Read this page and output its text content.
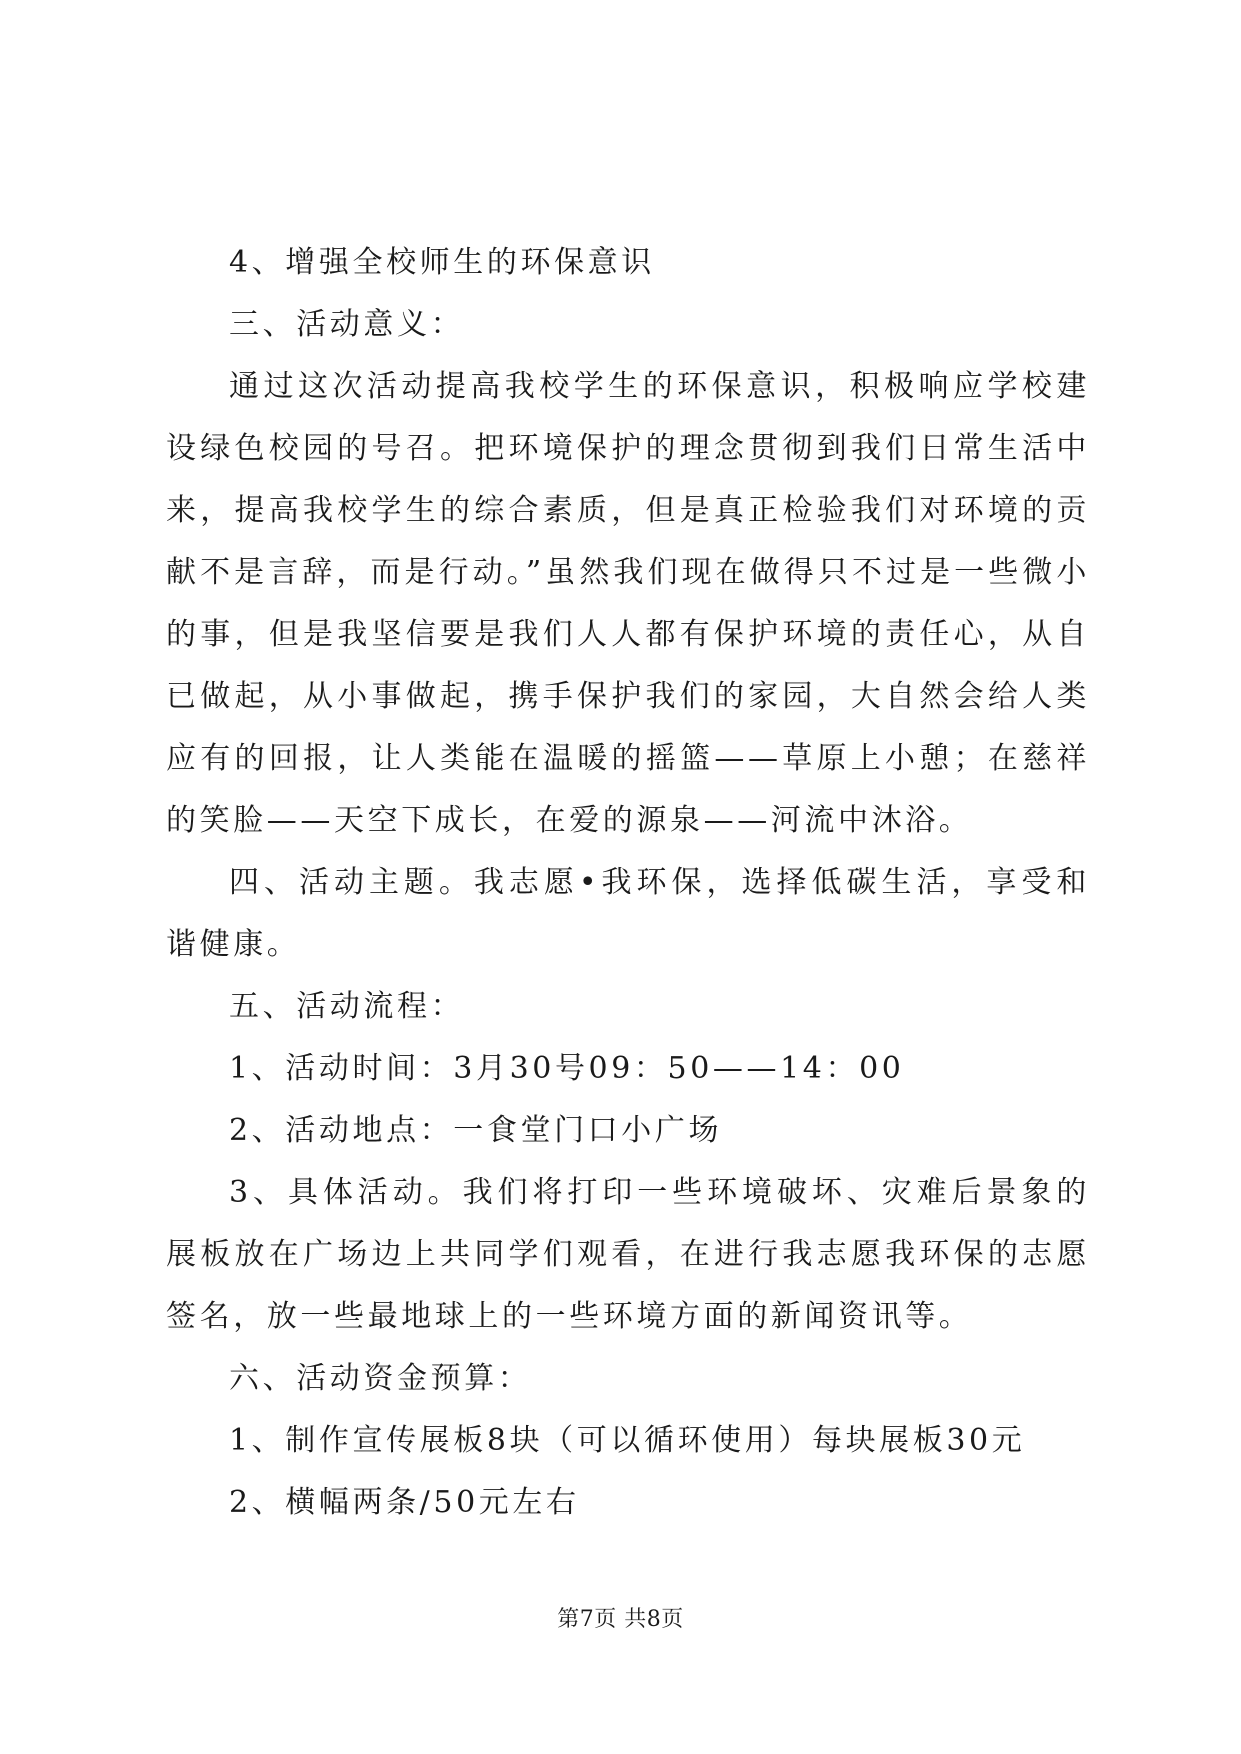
4、增强全校师生的环保意识

三、活动意义：

通过这次活动提高我校学生的环保意识，积极响应学校建设绿色校园的号召。把环境保护的理念贯彻到我们日常生活中来，提高我校学生的综合素质，但是真正检验我们对环境的贡献不是言辞，而是行动。”虽然我们现在做得只不过是一些微小的事，但是我坚信要是我们人人都有保护环境的责任心，从自已做起，从小事做起，携手保护我们的家园，大自然会给人类应有的回报，让人类能在温暖的摇篮——草原上小憩；在慈祥的笑脸——天空下成长，在爱的源泉——河流中沐浴。

四、活动主题。我志愿•我环保，选择低碳生活，享受和谐健康。

五、活动流程：

1、活动时间：3月30号09：50——14：00

2、活动地点：一食堂门口小广场

3、具体活动。我们将打印一些环境破坏、灾难后景象的展板放在广场边上共同学们观看，在进行我志愿我环保的志愿签名，放一些最地球上的一些环境方面的新闻资讯等。

六、活动资金预算：

1、制作宣传展板8块（可以循环使用）每块展板30元

2、横幅两条/50元左右

第7页 共8页
